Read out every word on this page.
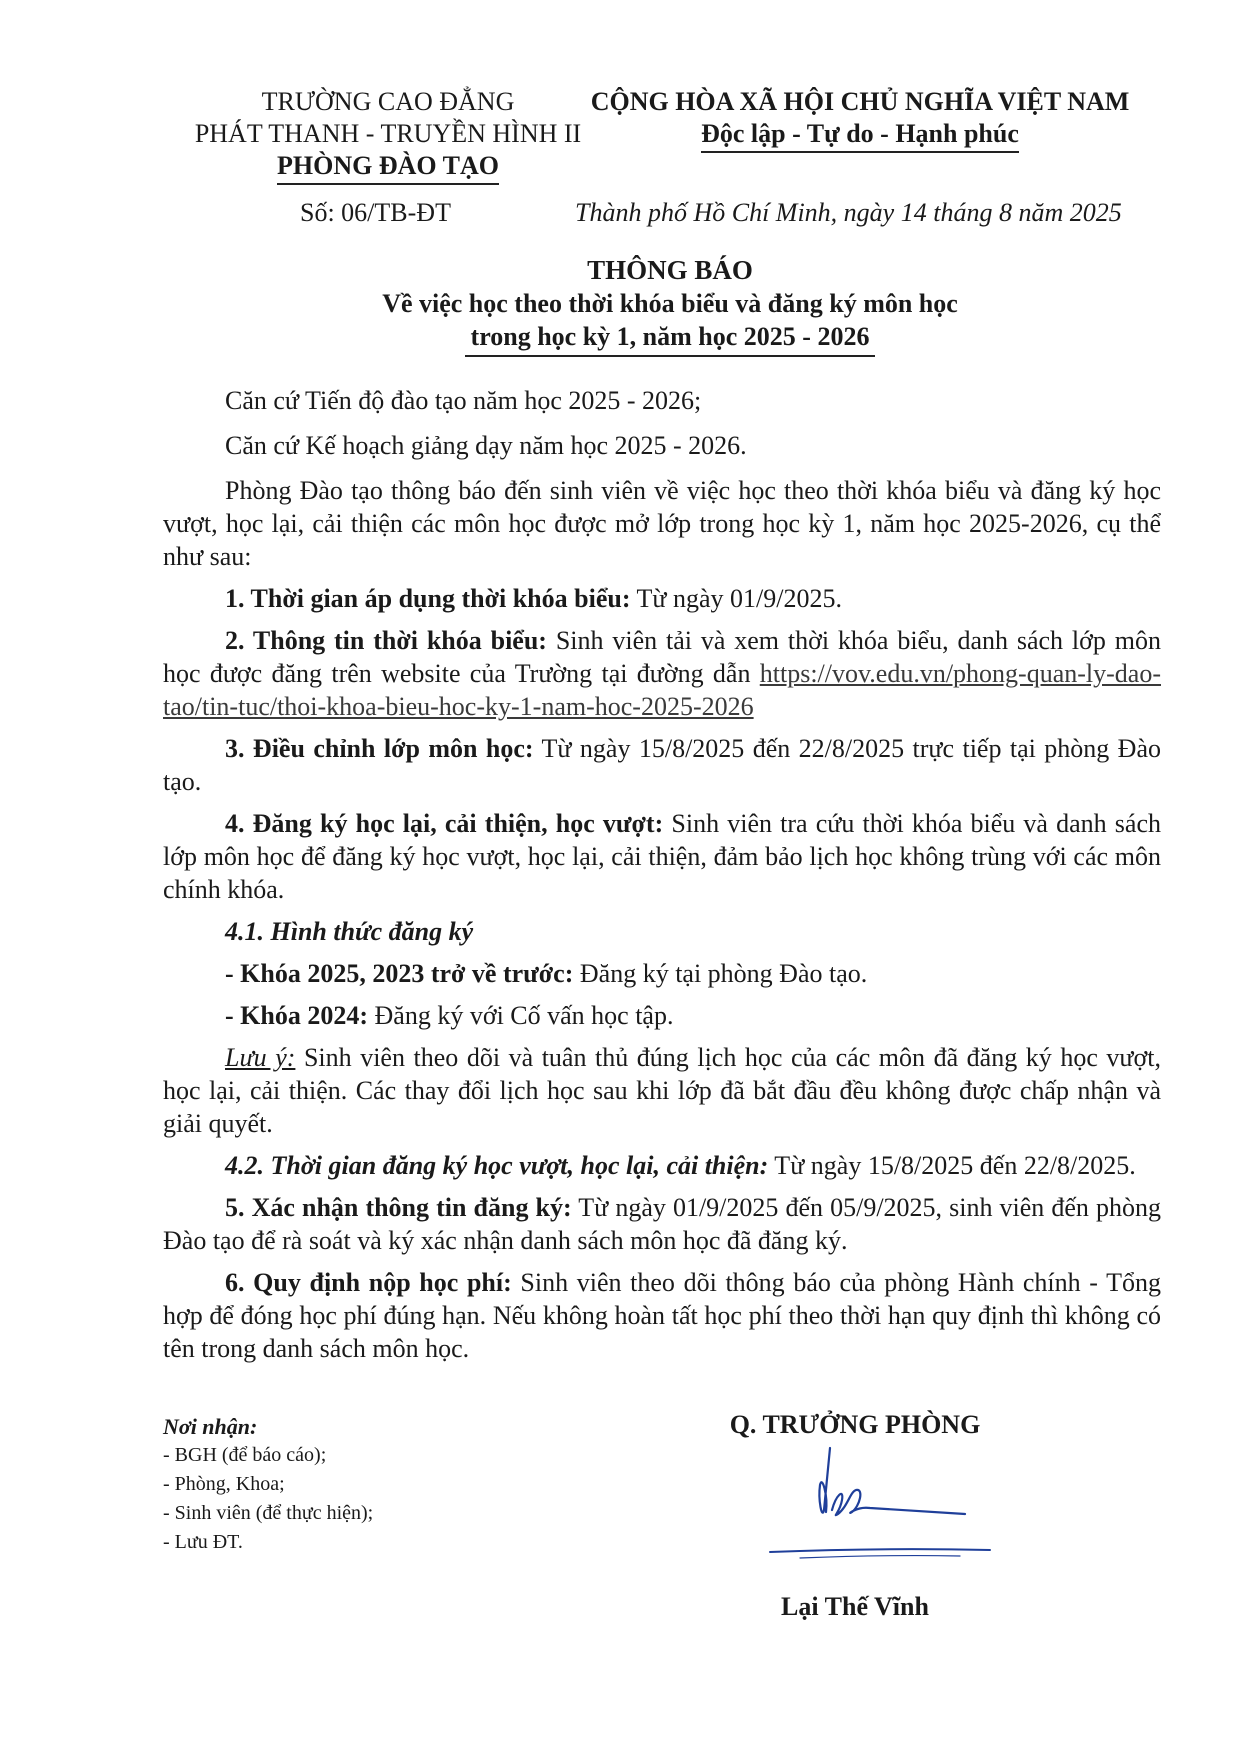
TRƯỜNG CAO ĐẲNG
PHÁT THANH - TRUYỀN HÌNH II
PHÒNG ĐÀO TẠO
CỘNG HÒA XÃ HỘI CHỦ NGHĨA VIỆT NAM
Độc lập - Tự do - Hạnh phúc
Số: 06/TB-ĐT	Thành phố Hồ Chí Minh, ngày 14 tháng 8 năm 2025
THÔNG BÁO
Về việc học theo thời khóa biểu và đăng ký môn học
trong học kỳ 1, năm học 2025 - 2026

Căn cứ Tiến độ đào tạo năm học 2025 - 2026;

Căn cứ Kế hoạch giảng dạy năm học 2025 - 2026.

Phòng Đào tạo thông báo đến sinh viên về việc học theo thời khóa biểu và đăng ký học vượt, học lại, cải thiện các môn học được mở lớp trong học kỳ 1, năm học 2025-2026, cụ thể như sau:

1. Thời gian áp dụng thời khóa biểu: Từ ngày 01/9/2025.

2. Thông tin thời khóa biểu: Sinh viên tải và xem thời khóa biểu, danh sách lớp môn học được đăng trên website của Trường tại đường dẫn https://vov.edu.vn/phong-quan-ly-dao-tao/tin-tuc/thoi-khoa-bieu-hoc-ky-1-nam-hoc-2025-2026

3. Điều chỉnh lớp môn học: Từ ngày 15/8/2025 đến 22/8/2025 trực tiếp tại phòng Đào tạo.

4. Đăng ký học lại, cải thiện, học vượt: Sinh viên tra cứu thời khóa biểu và danh sách lớp môn học để đăng ký học vượt, học lại, cải thiện, đảm bảo lịch học không trùng với các môn chính khóa.

4.1. Hình thức đăng ký

- Khóa 2025, 2023 trở về trước: Đăng ký tại phòng Đào tạo.

- Khóa 2024: Đăng ký với Cố vấn học tập.

Lưu ý: Sinh viên theo dõi và tuân thủ đúng lịch học của các môn đã đăng ký học vượt, học lại, cải thiện. Các thay đổi lịch học sau khi lớp đã bắt đầu đều không được chấp nhận và giải quyết.

4.2. Thời gian đăng ký học vượt, học lại, cải thiện: Từ ngày 15/8/2025 đến 22/8/2025.

5. Xác nhận thông tin đăng ký: Từ ngày 01/9/2025 đến 05/9/2025, sinh viên đến phòng Đào tạo để rà soát và ký xác nhận danh sách môn học đã đăng ký.

6. Quy định nộp học phí: Sinh viên theo dõi thông báo của phòng Hành chính - Tổng hợp để đóng học phí đúng hạn. Nếu không hoàn tất học phí theo thời hạn quy định thì không có tên trong danh sách môn học.

Nơi nhận:
- BGH (để báo cáo);
- Phòng, Khoa;
- Sinh viên (để thực hiện);
- Lưu ĐT.
Q. TRƯỞNG PHÒNG
Lại Thế Vĩnh
